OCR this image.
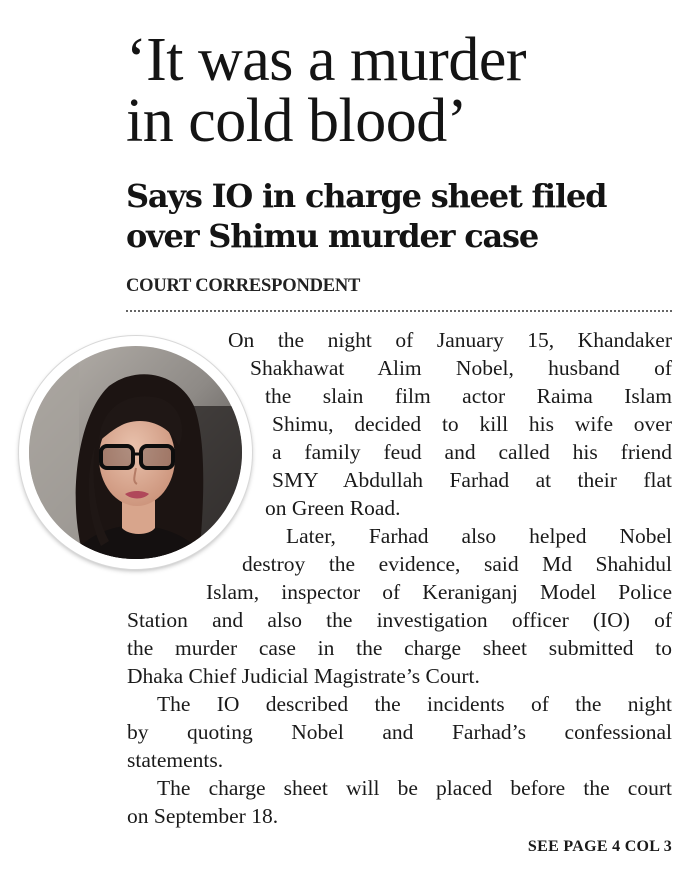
‘It was a murder
in cold blood’
Says IO in charge sheet filed
over Shimu murder case
COURT CORRESPONDENT
On the night of January 15, Khandaker
Shakhawat Alim Nobel, husband of
the slain film actor Raima Islam
Shimu, decided to kill his wife over
a family feud and called his friend
SMY Abdullah Farhad at their flat
on Green Road.
Later, Farhad also helped Nobel
destroy the evidence, said Md Shahidul
Islam, inspector of Keraniganj Model Police
Station and also the investigation officer (IO) of
the murder case in the charge sheet submitted to
Dhaka Chief Judicial Magistrate’s Court.
The IO described the incidents of the night
by quoting Nobel and Farhad’s confessional
statements.
The charge sheet will be placed before the court
on September 18.
SEE PAGE 4 COL 3
